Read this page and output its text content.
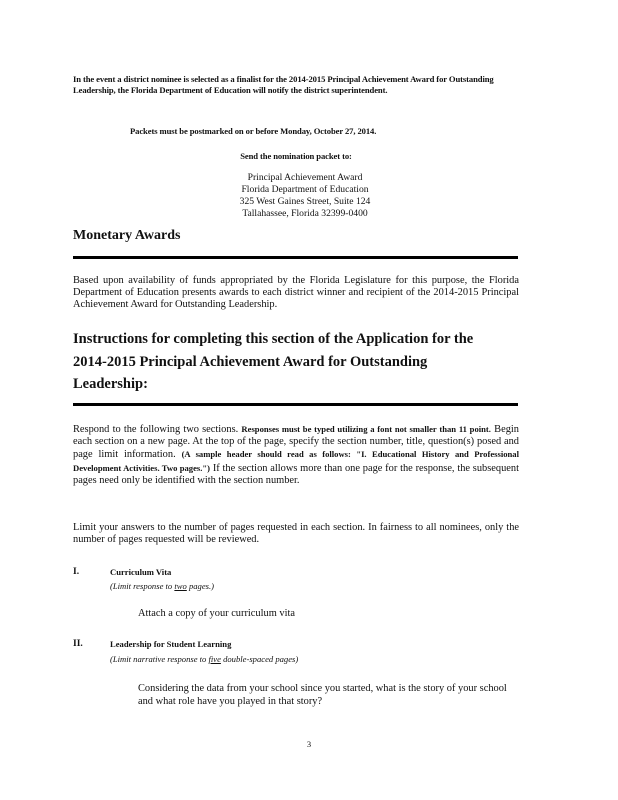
In the event a district nominee is selected as a finalist for the 2014-2015 Principal Achievement Award for Outstanding Leadership, the Florida Department of Education will notify the district superintendent.
Packets must be postmarked on or before Monday, October 27, 2014.
Send the nomination packet to:
Principal Achievement Award
Florida Department of Education
325 West Gaines Street, Suite 124
Tallahassee, Florida 32399-0400
Monetary Awards
Based upon availability of funds appropriated by the Florida Legislature for this purpose, the Florida Department of Education presents awards to each district winner and recipient of the 2014-2015 Principal Achievement Award for Outstanding Leadership.
Instructions for completing this section of the Application for the 2014-2015 Principal Achievement Award for Outstanding Leadership:
Respond to the following two sections. Responses must be typed utilizing a font not smaller than 11 point. Begin each section on a new page. At the top of the page, specify the section number, title, question(s) posed and page limit information. (A sample header should read as follows: "I. Educational History and Professional Development Activities. Two pages.") If the section allows more than one page for the response, the subsequent pages need only be identified with the section number.
Limit your answers to the number of pages requested in each section. In fairness to all nominees, only the number of pages requested will be reviewed.
I.	Curriculum Vita
(Limit response to two pages.)
Attach a copy of your curriculum vita
II.	Leadership for Student Learning
(Limit narrative response to five double-spaced pages)
Considering the data from your school since you started, what is the story of your school and what role have you played in that story?
3
